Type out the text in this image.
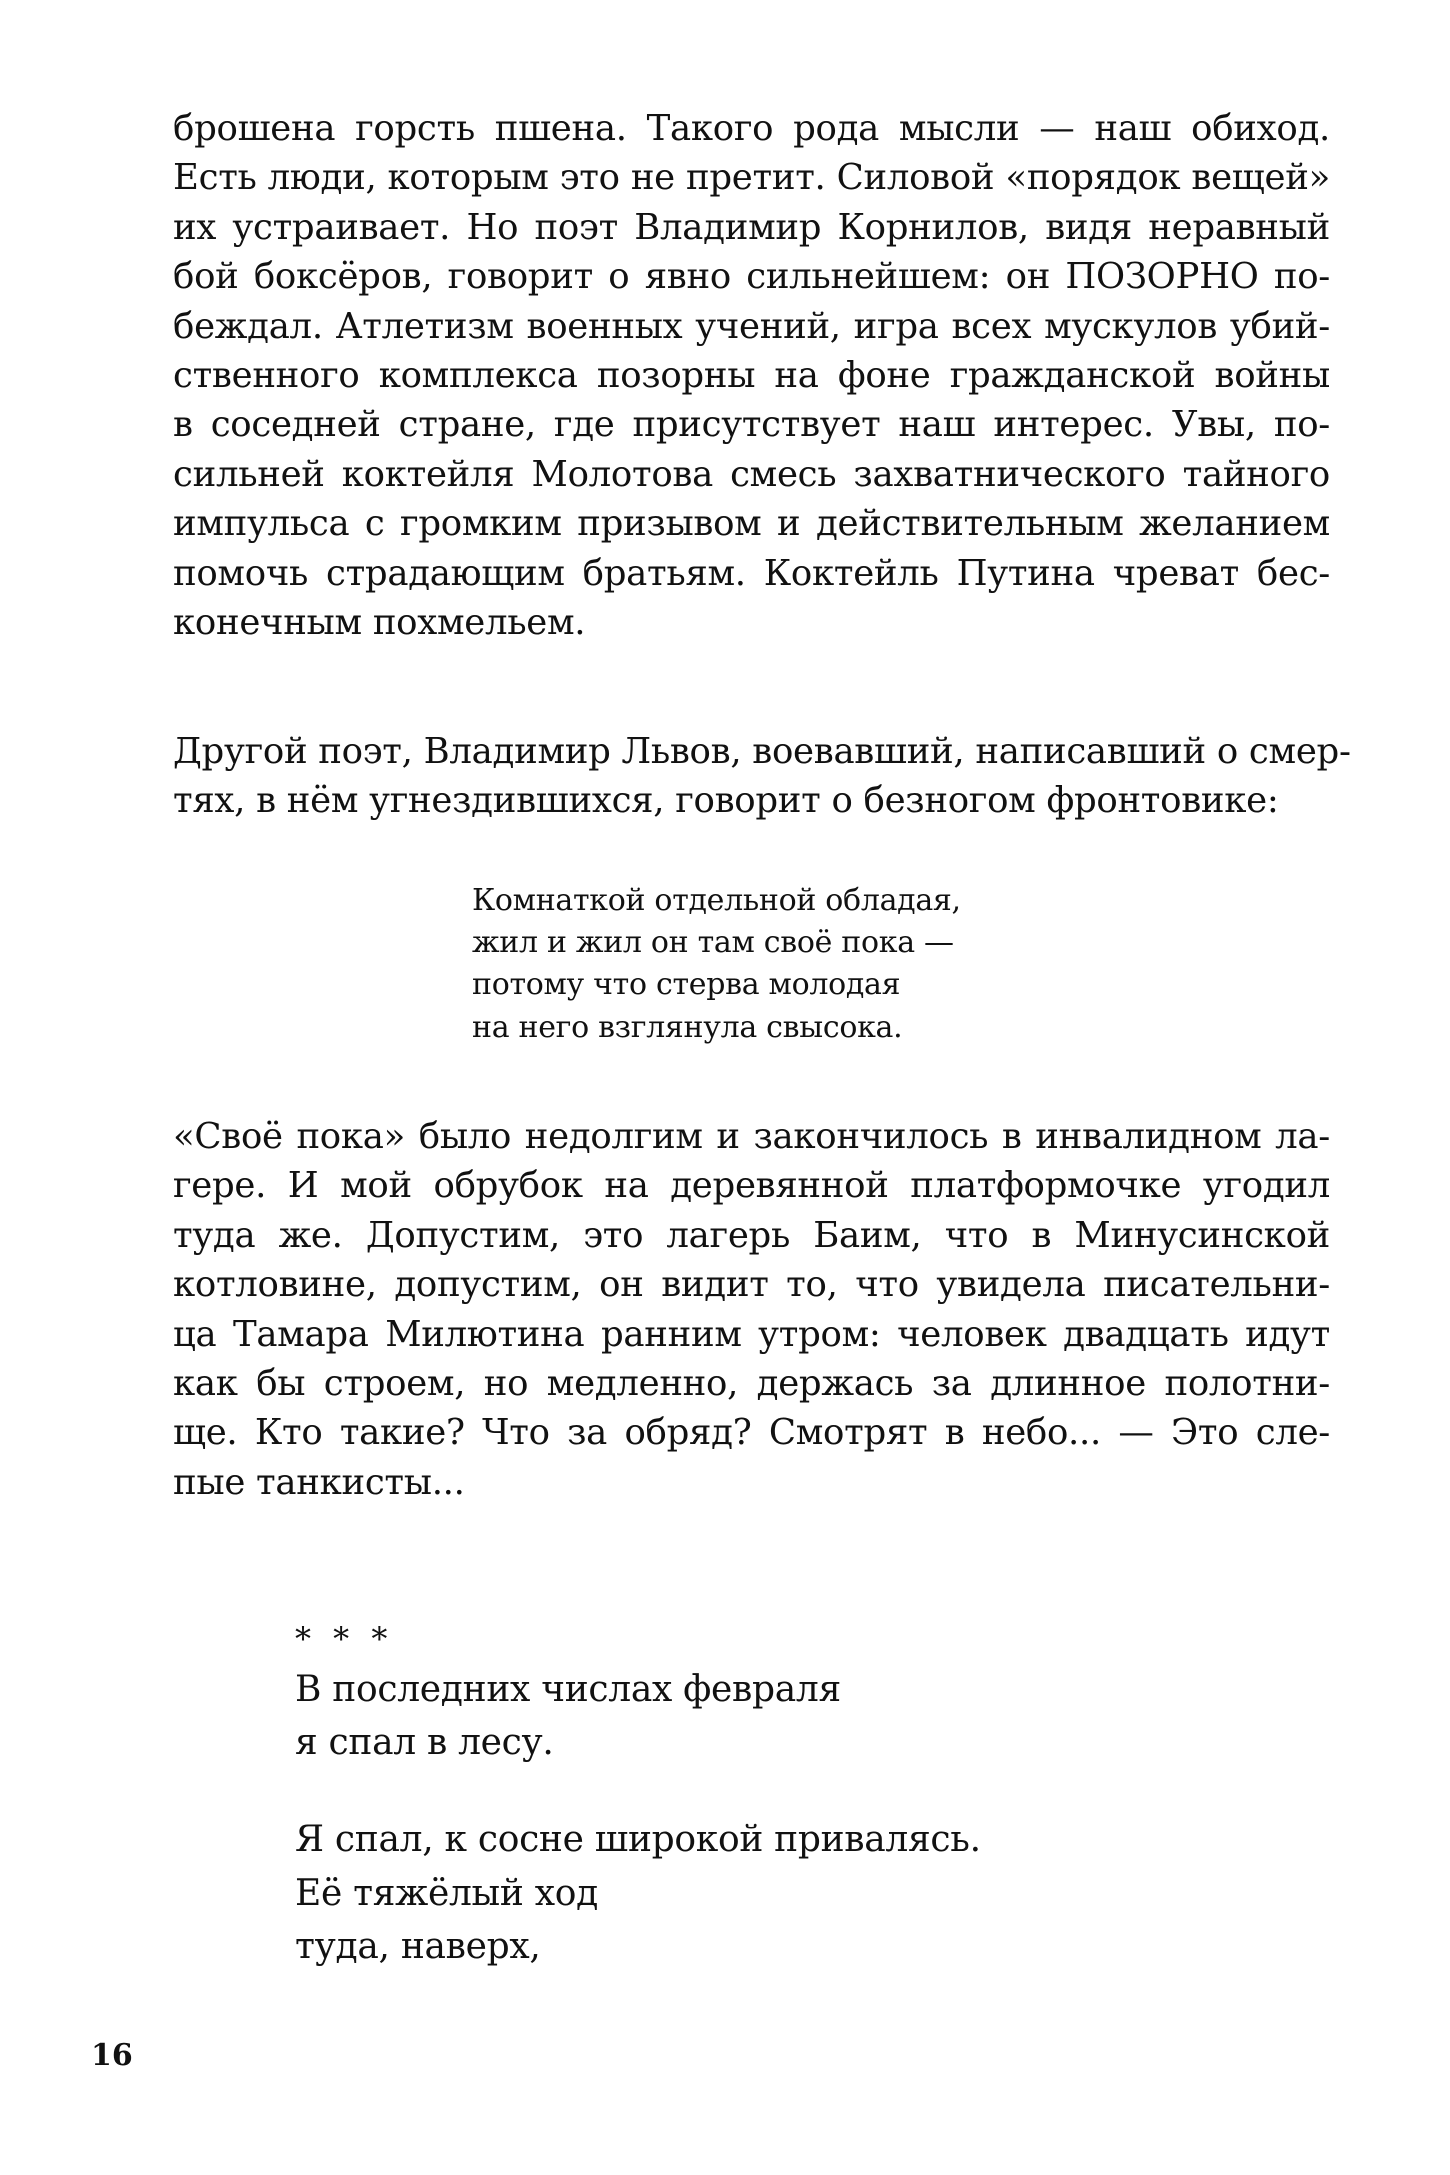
брошена горсть пшена. Такого рода мысли — наш обиход.
Есть люди, которым это не претит. Силовой «порядок вещей»
их устраивает. Но поэт Владимир Корнилов, видя неравный
бой боксёров, говорит о явно сильнейшем: он ПОЗОРНО по-
беждал. Атлетизм военных учений, игра всех мускулов убий-
ственного комплекса позорны на фоне гражданской войны
в соседней стране, где присутствует наш интерес. Увы, по-
сильней коктейля Молотова смесь захватнического тайного
импульса с громким призывом и действительным желанием
помочь страдающим братьям. Коктейль Путина чреват бес-
конечным похмельем.
Другой поэт, Владимир Львов, воевавший, написавший о смер-
тях, в нём угнездившихся, говорит о безногом фронтовике:
Комнаткой отдельной обладая,
жил и жил он там своё пока —
потому что стерва молодая
на него взглянула свысока.
«Своё пока» было недолгим и закончилось в инвалидном ла-
гере. И мой обрубок на деревянной платформочке угодил
туда же. Допустим, это лагерь Баим, что в Минусинской
котловине, допустим, он видит то, что увидела писательни-
ца Тамара Милютина ранним утром: человек двадцать идут
как бы строем, но медленно, держась за длинное полотни-
ще. Кто такие? Что за обряд? Смотрят в небо... — Это сле-
пые танкисты...
* * *
В последних числах февраля
я спал в лесу.
Я спал, к сосне широкой привалясь.
Её тяжёлый ход
туда, наверх,
16
